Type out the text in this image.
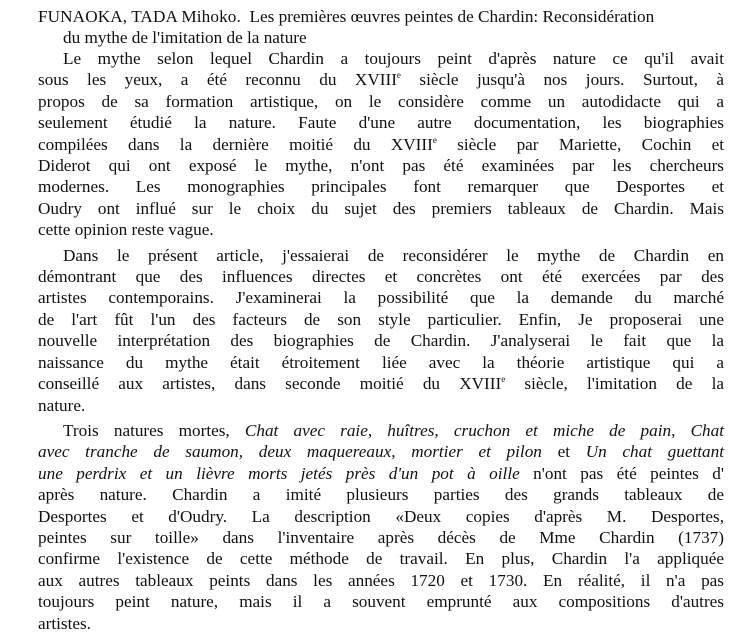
FUNAOKA, TADA Mihoko. Les premières œuvres peintes de Chardin: Reconsidération
du mythe de l'imitation de la nature
Le mythe selon lequel Chardin a toujours peint d'après nature ce qu'il avait
sous les yeux, a été reconnu du XVIIIe siècle jusqu'à nos jours. Surtout, à
propos de sa formation artistique, on le considère comme un autodidacte qui a
seulement étudié la nature. Faute d'une autre documentation, les biographies
compilées dans la dernière moitié du XVIIIe siècle par Mariette, Cochin et
Diderot qui ont exposé le mythe, n'ont pas été examinées par les chercheurs
modernes. Les monographies principales font remarquer que Desportes et
Oudry ont influé sur le choix du sujet des premiers tableaux de Chardin. Mais
cette opinion reste vague.
Dans le présent article, j'essaierai de reconsidérer le mythe de Chardin en
démontrant que des influences directes et concrètes ont été exercées par des
artistes contemporains. J'examinerai la possibilité que la demande du marché
de l'art fût l'un des facteurs de son style particulier. Enfin, Je proposerai une
nouvelle interprétation des biographies de Chardin. J'analyserai le fait que la
naissance du mythe était étroitement liée avec la théorie artistique qui a
conseillé aux artistes, dans seconde moitié du XVIIIe siècle, l'imitation de la
nature.
Trois natures mortes, Chat avec raie, huîtres, cruchon et miche de pain, Chat
avec tranche de saumon, deux maquereaux, mortier et pilon et Un chat guettant
une perdrix et un lièvre morts jetés près d'un pot à oille n'ont pas été peintes d'
après nature. Chardin a imité plusieurs parties des grands tableaux de
Desportes et d'Oudry. La description «Deux copies d'après M. Desportes,
peintes sur toille» dans l'inventaire après décès de Mme Chardin (1737)
confirme l'existence de cette méthode de travail. En plus, Chardin l'a appliquée
aux autres tableaux peints dans les années 1720 et 1730. En réalité, il n'a pas
toujours peint nature, mais il a souvent emprunté aux compositions d'autres
artistes.
